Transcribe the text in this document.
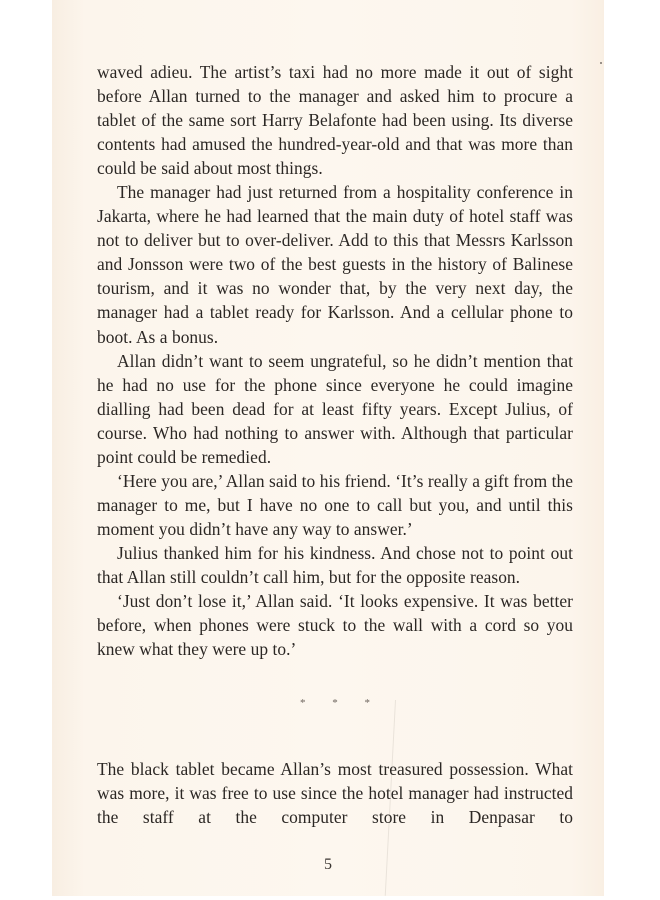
waved adieu. The artist’s taxi had no more made it out of sight before Allan turned to the manager and asked him to procure a tablet of the same sort Harry Belafonte had been using. Its diverse contents had amused the hundred-year-old and that was more than could be said about most things.

The manager had just returned from a hospitality conference in Jakarta, where he had learned that the main duty of hotel staff was not to deliver but to over-deliver. Add to this that Messrs Karlsson and Jonsson were two of the best guests in the history of Balinese tourism, and it was no wonder that, by the very next day, the manager had a tablet ready for Karlsson. And a cellular phone to boot. As a bonus.

Allan didn’t want to seem ungrateful, so he didn’t mention that he had no use for the phone since everyone he could imagine dialling had been dead for at least fifty years. Except Julius, of course. Who had nothing to answer with. Although that particular point could be remedied.

‘Here you are,’ Allan said to his friend. ‘It’s really a gift from the manager to me, but I have no one to call but you, and until this moment you didn’t have any way to answer.’

Julius thanked him for his kindness. And chose not to point out that Allan still couldn’t call him, but for the opposite reason.

‘Just don’t lose it,’ Allan said. ‘It looks expensive. It was better before, when phones were stuck to the wall with a cord so you knew what they were up to.’

* * *

The black tablet became Allan’s most treasured possession. What was more, it was free to use since the hotel manager had instructed the staff at the computer store in Denpasar to

5
